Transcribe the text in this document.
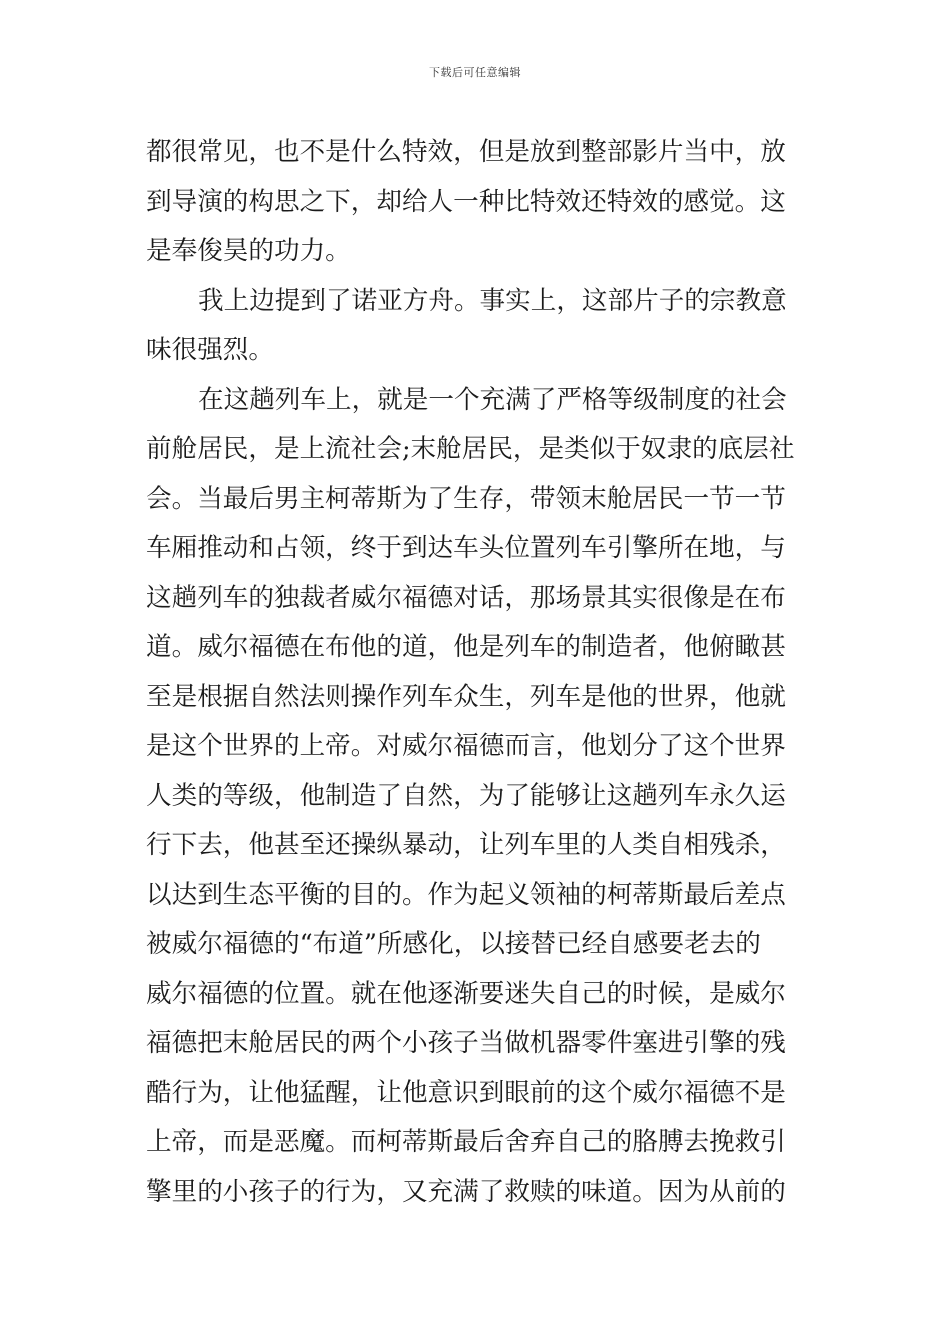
下载后可任意编辑

都很常见，也不是什么特效，但是放到整部影片当中，放
到导演的构思之下，却给人一种比特效还特效的感觉。这
是奉俊昊的功力。

我上边提到了诺亚方舟。事实上，这部片子的宗教意
味很强烈。

在这趟列车上，就是一个充满了严格等级制度的社会
前舱居民，是上流社会;末舱居民，是类似于奴隶的底层社
会。当最后男主柯蒂斯为了生存，带领末舱居民一节一节
车厢推动和占领，终于到达车头位置列车引擎所在地，与
这趟列车的独裁者威尔福德对话，那场景其实很像是在布
道。威尔福德在布他的道，他是列车的制造者，他俯瞰甚
至是根据自然法则操作列车众生，列车是他的世界，他就
是这个世界的上帝。对威尔福德而言，他划分了这个世界
人类的等级，他制造了自然，为了能够让这趟列车永久运
行下去，他甚至还操纵暴动，让列车里的人类自相残杀，
以达到生态平衡的目的。作为起义领袖的柯蒂斯最后差点
被威尔福德的“布道”所感化，以接替已经自感要老去的
威尔福德的位置。就在他逐渐要迷失自己的时候，是威尔
福德把末舱居民的两个小孩子当做机器零件塞进引擎的残
酷行为，让他猛醒，让他意识到眼前的这个威尔福德不是
上帝，而是恶魔。而柯蒂斯最后舍弃自己的胳膊去挽救引
擎里的小孩子的行为，又充满了救赎的味道。因为从前的
